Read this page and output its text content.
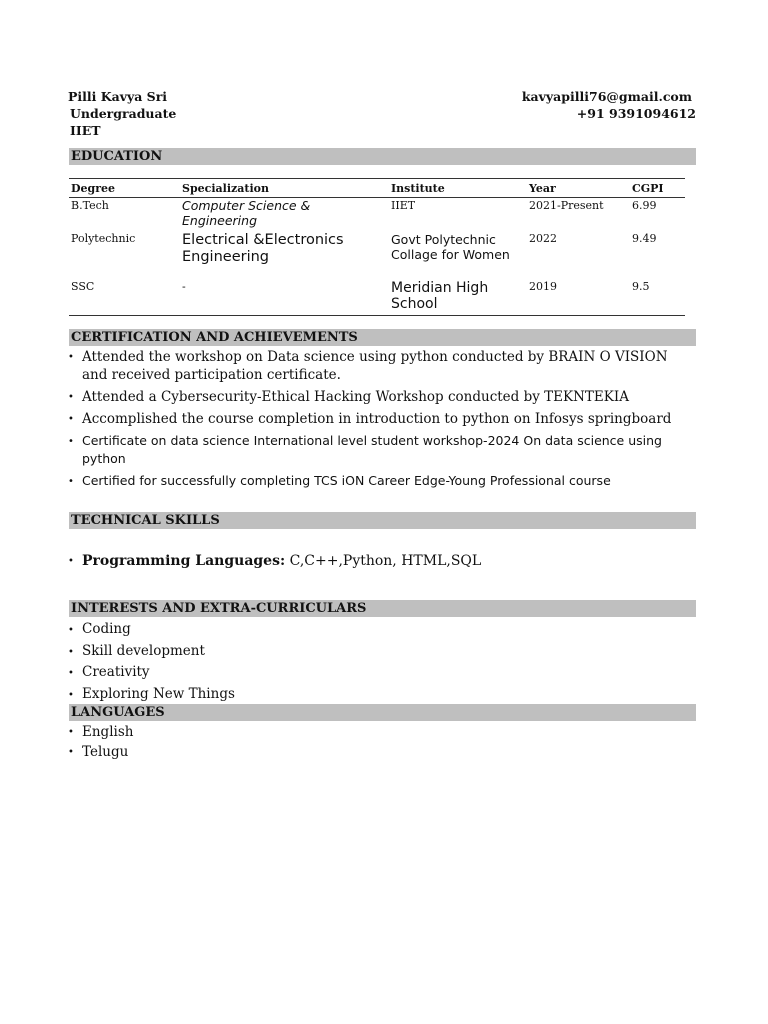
Pilli Kavya Sri
Undergraduate
IIET
kavyapilli76@gmail.com
+91 9391094612
EDUCATION
Degree	Specialization	Institute	Year	CGPI
B.Tech	Computer Science & Engineering	IIET	2021-Present	6.99
Polytechnic	Electrical &Electronics Engineering	Govt Polytechnic Collage for Women	2022	9.49
SSC	-	Meridian High School	2019	9.5
CERTIFICATION AND ACHIEVEMENTS
• Attended the workshop on Data science using python conducted by BRAIN O VISION and received participation certificate.
• Attended a Cybersecurity-Ethical Hacking Workshop conducted by TEKNTEKIA
• Accomplished the course completion in introduction to python on Infosys springboard
• Certificate on data science International level student workshop-2024 On data science using python
• Certified for successfully completing TCS iON Career Edge-Young Professional course
TECHNICAL SKILLS
• Programming Languages: C,C++,Python, HTML,SQL
INTERESTS AND EXTRA-CURRICULARS
• Coding
• Skill development
• Creativity
• Exploring New Things
LANGUAGES
• English
• Telugu
